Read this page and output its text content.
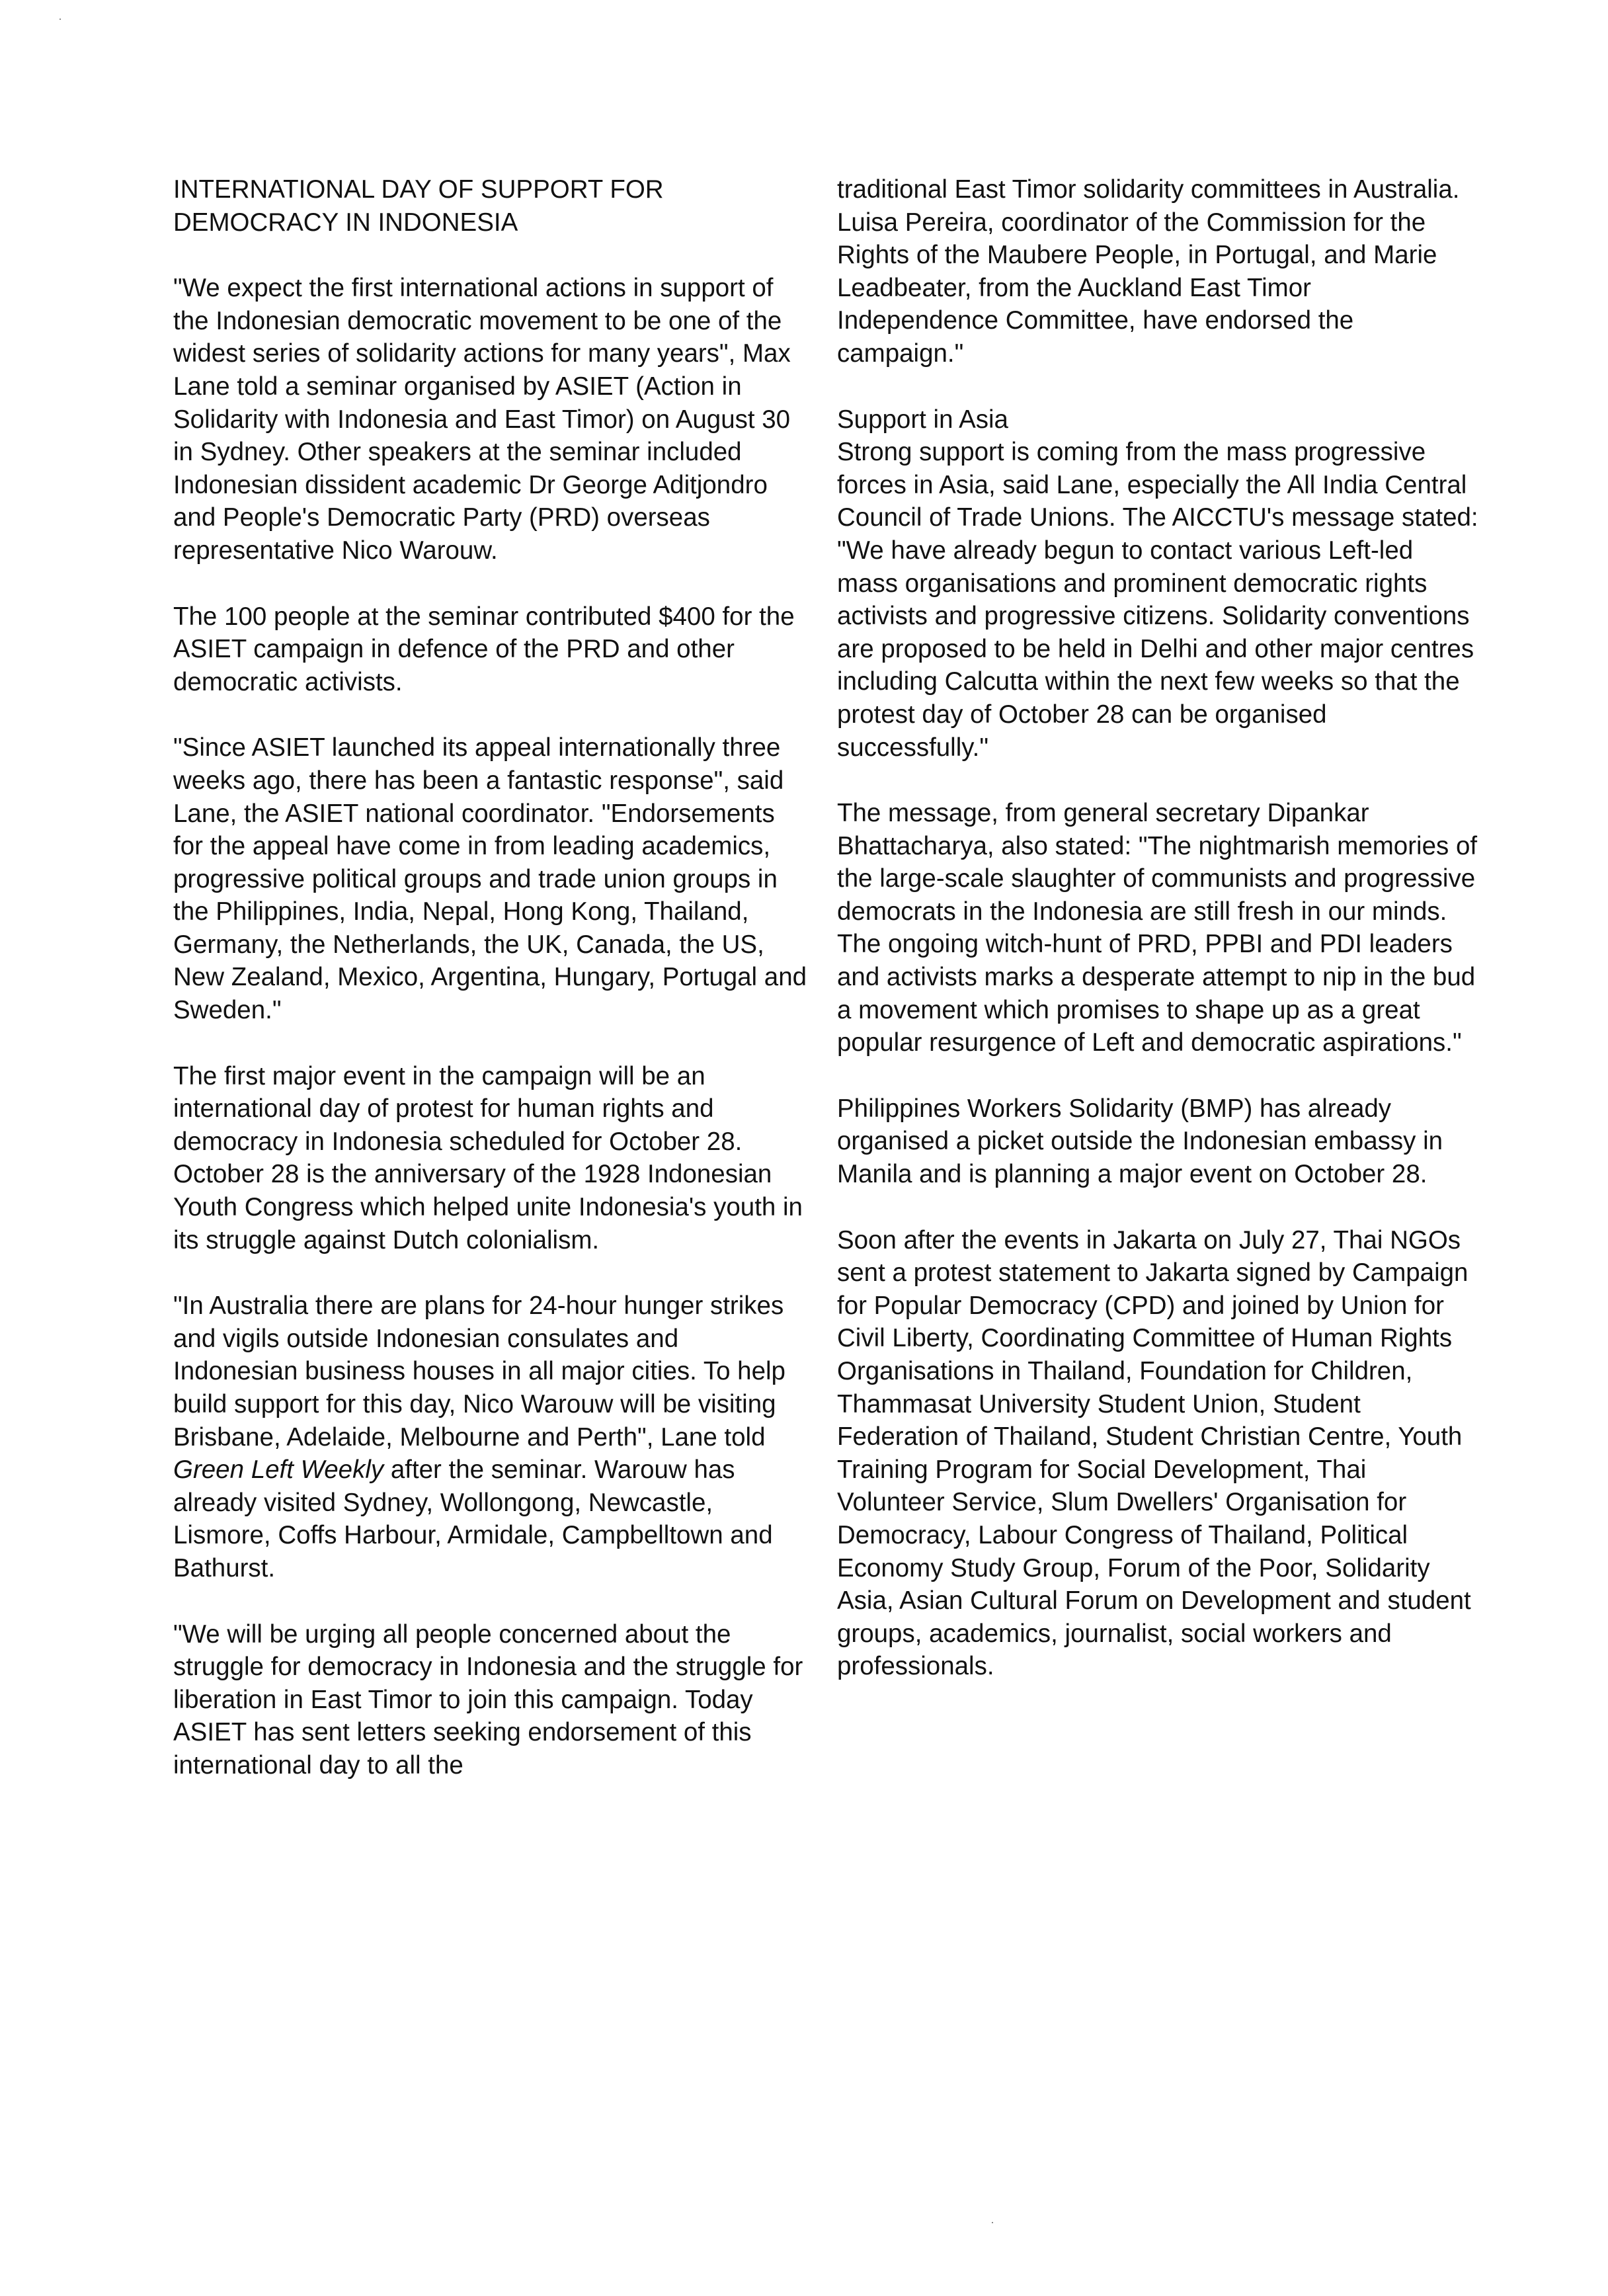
INTERNATIONAL DAY OF SUPPORT FOR
DEMOCRACY IN INDONESIA

"We expect the first international actions in support of the Indonesian democratic movement to be one of the widest series of solidarity actions for many years", Max Lane told a seminar organised by ASIET (Action in Solidarity with Indonesia and East Timor) on August 30 in Sydney. Other speakers at the seminar included Indonesian dissident academic Dr George Aditjondro and People's Democratic Party (PRD) overseas representative Nico Warouw.

The 100 people at the seminar contributed $400 for the ASIET campaign in defence of the PRD and other democratic activists.

"Since ASIET launched its appeal internationally three weeks ago, there has been a fantastic response", said Lane, the ASIET national coordinator. "Endorsements for the appeal have come in from leading academics, progressive political groups and trade union groups in the Philippines, India, Nepal, Hong Kong, Thailand, Germany, the Netherlands, the UK, Canada, the US, New Zealand, Mexico, Argentina, Hungary, Portugal and Sweden."

The first major event in the campaign will be an international day of protest for human rights and democracy in Indonesia scheduled for October 28. October 28 is the anniversary of the 1928 Indonesian Youth Congress which helped unite Indonesia's youth in its struggle against Dutch colonialism.

"In Australia there are plans for 24-hour hunger strikes and vigils outside Indonesian consulates and Indonesian business houses in all major cities. To help build support for this day, Nico Warouw will be visiting Brisbane, Adelaide, Melbourne and Perth", Lane told Green Left Weekly after the seminar. Warouw has already visited Sydney, Wollongong, Newcastle, Lismore, Coffs Harbour, Armidale, Campbelltown and Bathurst.

"We will be urging all people concerned about the struggle for democracy in Indonesia and the struggle for liberation in East Timor to join this campaign. Today ASIET has sent letters seeking endorsement of this international day to all the

traditional East Timor solidarity committees in Australia. Luisa Pereira, coordinator of the Commission for the Rights of the Maubere People, in Portugal, and Marie Leadbeater, from the Auckland East Timor Independence Committee, have endorsed the campaign."

Support in Asia
Strong support is coming from the mass progressive forces in Asia, said Lane, especially the All India Central Council of Trade Unions. The AICCTU's message stated: "We have already begun to contact various Left-led mass organisations and prominent democratic rights activists and progressive citizens. Solidarity conventions are proposed to be held in Delhi and other major centres including Calcutta within the next few weeks so that the protest day of October 28 can be organised successfully."

The message, from general secretary Dipankar Bhattacharya, also stated: "The nightmarish memories of the large-scale slaughter of communists and progressive democrats in the Indonesia are still fresh in our minds. The ongoing witch-hunt of PRD, PPBI and PDI leaders and activists marks a desperate attempt to nip in the bud a movement which promises to shape up as a great popular resurgence of Left and democratic aspirations."

Philippines Workers Solidarity (BMP) has already organised a picket outside the Indonesian embassy in Manila and is planning a major event on October 28.

Soon after the events in Jakarta on July 27, Thai NGOs sent a protest statement to Jakarta signed by Campaign for Popular Democracy (CPD) and joined by Union for Civil Liberty, Coordinating Committee of Human Rights Organisations in Thailand, Foundation for Children, Thammasat University Student Union, Student Federation of Thailand, Student Christian Centre, Youth Training Program for Social Development, Thai Volunteer Service, Slum Dwellers' Organisation for Democracy, Labour Congress of Thailand, Political Economy Study Group, Forum of the Poor, Solidarity Asia, Asian Cultural Forum on Development and student groups, academics, journalist, social workers and professionals.
